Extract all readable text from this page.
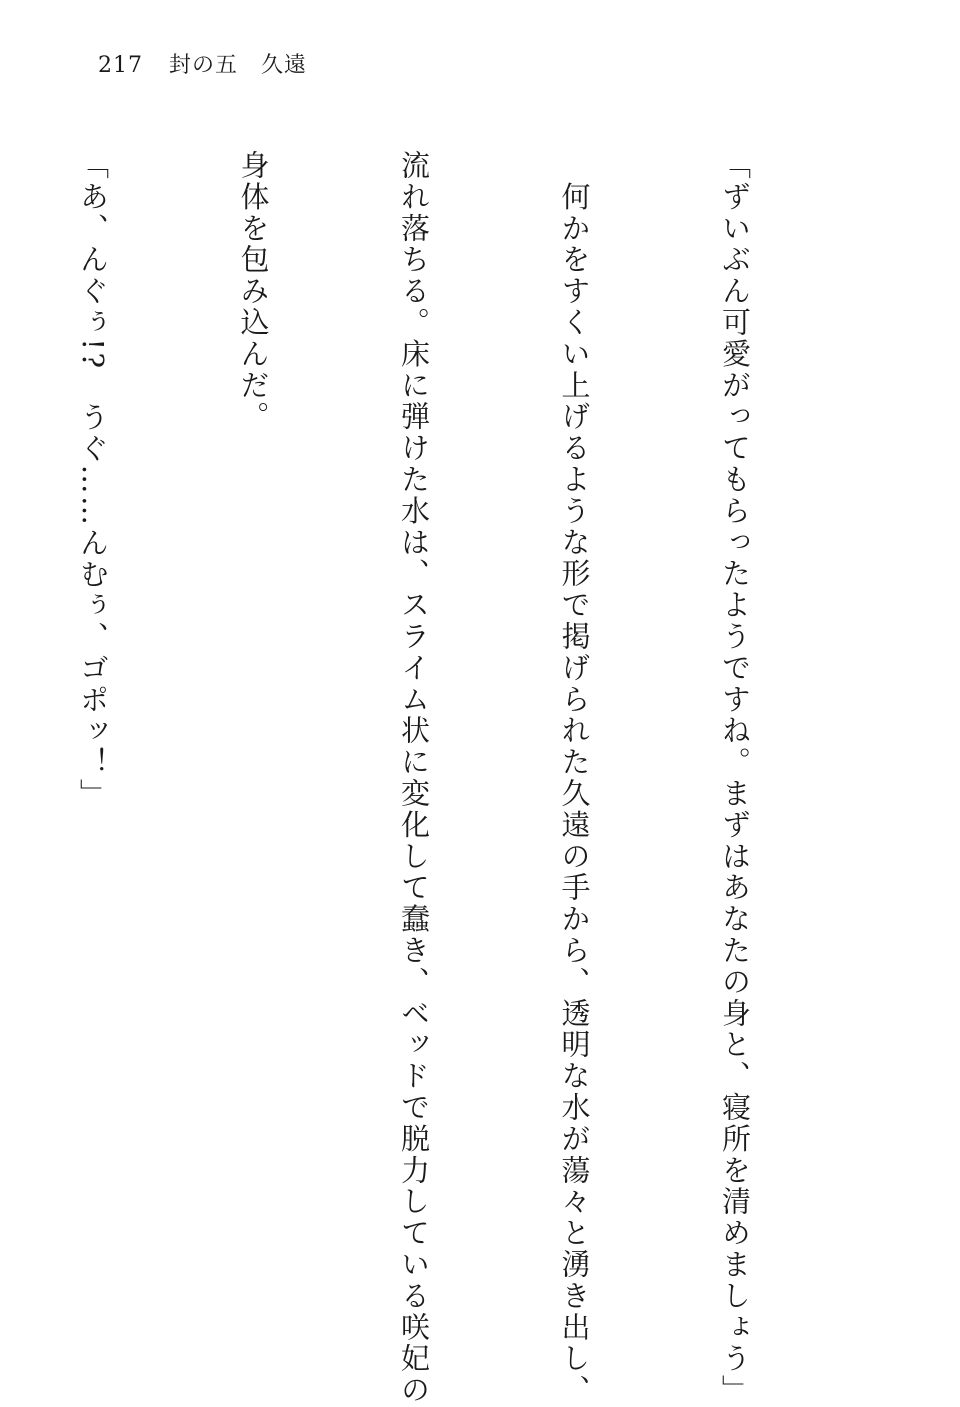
217 封の五　久遠

「ずいぶん可愛がってもらったようですね。まずはあなたの身と、寝所を清めましょう」

　何かをすくい上げるような形で掲げられた久遠の手から、透明な水が蕩々と湧き出し、

流れ落ちる。床に弾けた水は、スライム状に変化して蠢き、ベッドで脱力している咲妃の

身体を包み込んだ。

「あ、んぐぅ!?　うぐ……んむぅ、ゴポッ！」
